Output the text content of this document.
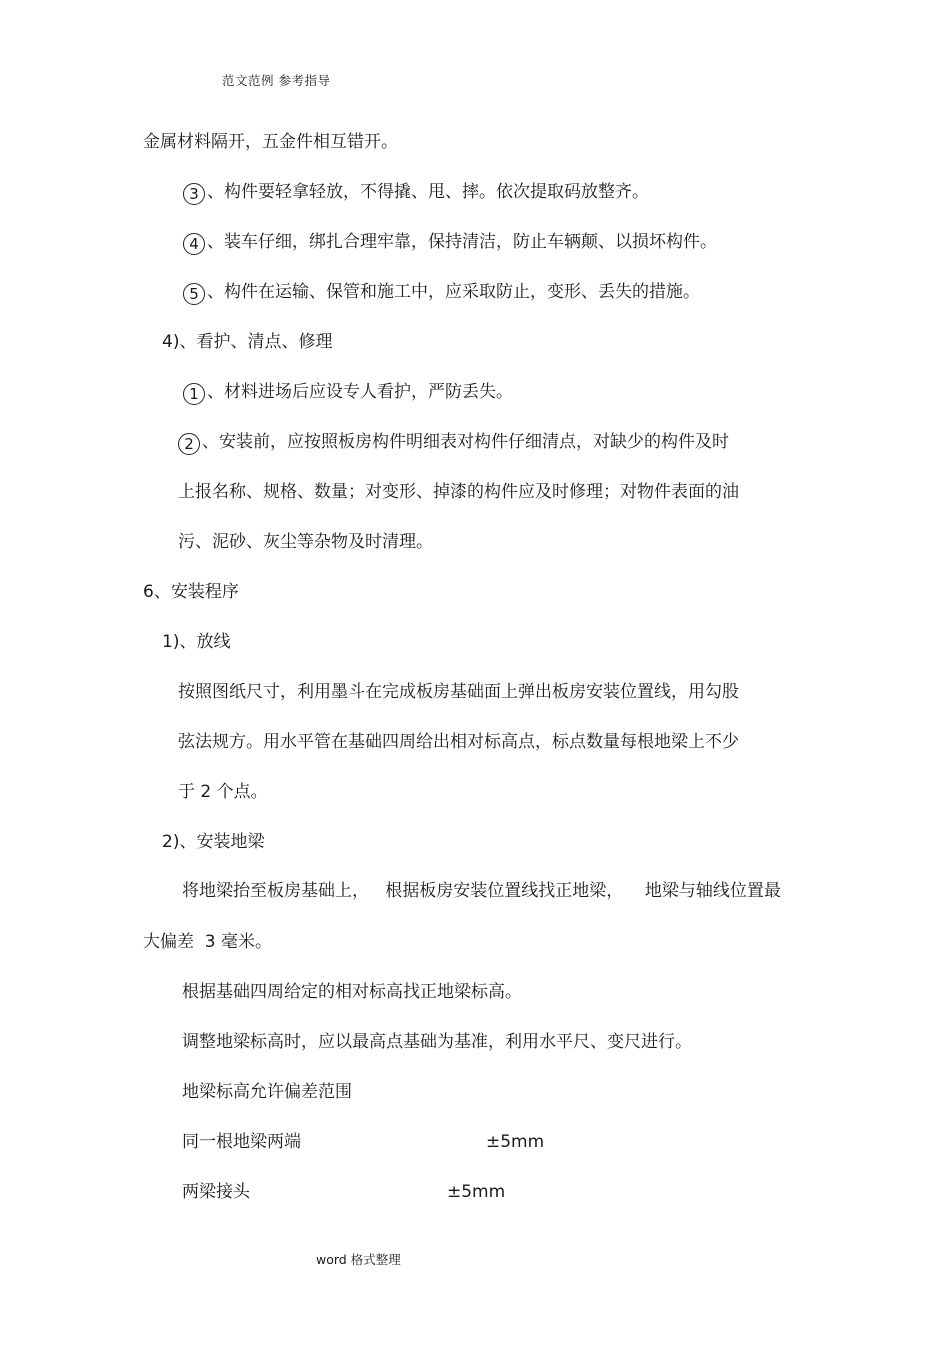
范文范例 参考指导
金属材料隔开，五金件相互错开。
3 、构件要轻拿轻放，不得撬、甩、摔。依次提取码放整齐。
4 、装车仔细，绑扎合理牢靠，保持清洁，防止车辆颠、以损坏构件。
5 、构件在运输、保管和施工中，应采取防止，变形、丢失的措施。
4)、看护、清点、修理
1 、材料进场后应设专人看护，严防丢失。
2 、安装前，应按照板房构件明细表对构件仔细清点，对缺少的构件及时
上报名称、规格、数量；对变形、掉漆的构件应及时修理；对物件表面的油
污、泥砂、灰尘等杂物及时清理。
6、安装程序
1)、放线
按照图纸尺寸，利用墨斗在完成板房基础面上弹出板房安装位置线，用勾股
弦法规方。用水平管在基础四周给出相对标高点，标点数量每根地梁上不少
于 2 个点。
2)、安装地梁
将地梁抬至板房基础上，   根据板房安装位置线找正地梁，    地梁与轴线位置最
大偏差  3 毫米。
根据基础四周给定的相对标高找正地梁标高。
调整地梁标高时，应以最高点基础为基准，利用水平尺、变尺进行。
地梁标高允许偏差范围
同一根地梁两端	±5mm
两梁接头	±5mm
word 格式整理
